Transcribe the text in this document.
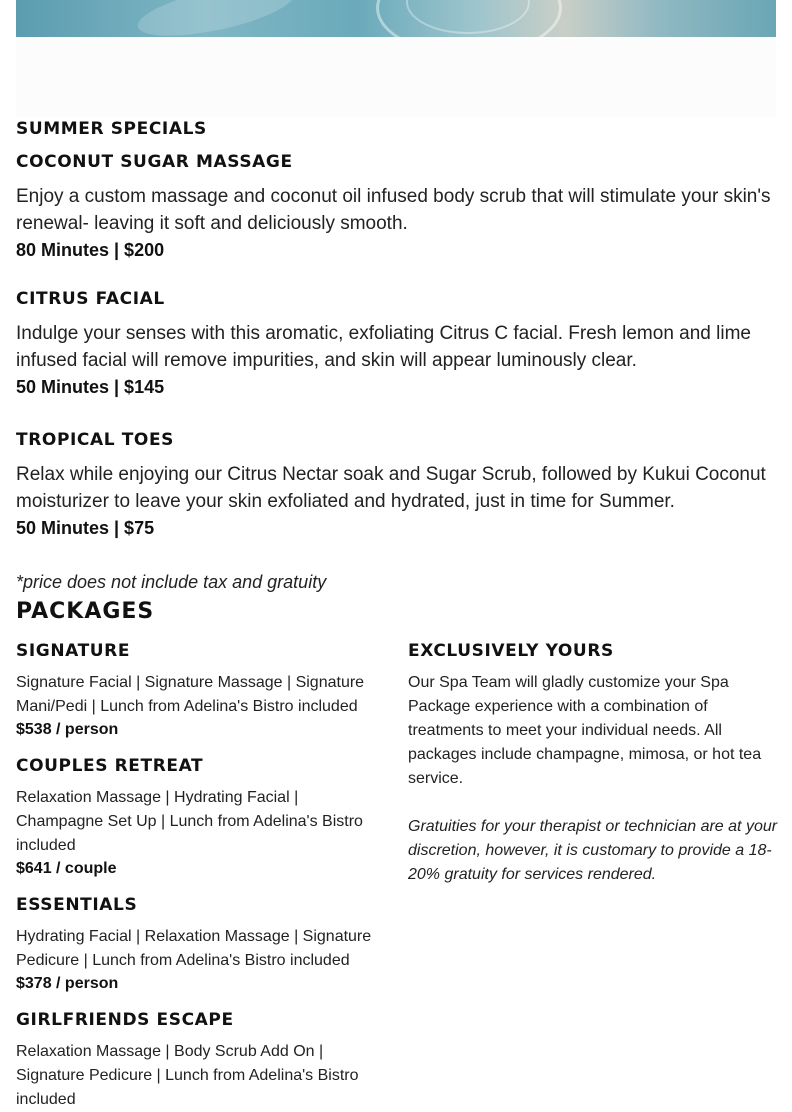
SUMMER SPECIALS
COCONUT SUGAR MASSAGE

Enjoy a custom massage and coconut oil infused body scrub that will stimulate your skin's renewal- leaving it soft and deliciously smooth.

80 Minutes | $200

CITRUS FACIAL

Indulge your senses with this aromatic, exfoliating Citrus C facial. Fresh lemon and lime infused facial will remove impurities, and skin will appear luminously clear.

50 Minutes | $145

TROPICAL TOES

Relax while enjoying our Citrus Nectar soak and Sugar Scrub, followed by Kukui Coconut moisturizer to leave your skin exfoliated and hydrated, just in time for Summer.

50 Minutes | $75

*price does not include tax and gratuity

PACKAGES
SIGNATURE

Signature Facial | Signature Massage | Signature Mani/Pedi | Lunch from Adelina's Bistro included

$538 / person

COUPLES RETREAT

Relaxation Massage | Hydrating Facial | Champagne Set Up | Lunch from Adelina's Bistro included

$641 / couple

ESSENTIALS

Hydrating Facial | Relaxation Massage | Signature Pedicure | Lunch from Adelina's Bistro included

$378 / person

GIRLFRIENDS ESCAPE

Relaxation Massage | Body Scrub Add On | Signature Pedicure | Lunch from Adelina's Bistro included

EXCLUSIVELY YOURS

Our Spa Team will gladly customize your Spa Package experience with a combination of treatments to meet your individual needs. All packages include champagne, mimosa, or hot tea service.

Gratuities for your therapist or technician are at your discretion, however, it is customary to provide a 18-20% gratuity for services rendered.
